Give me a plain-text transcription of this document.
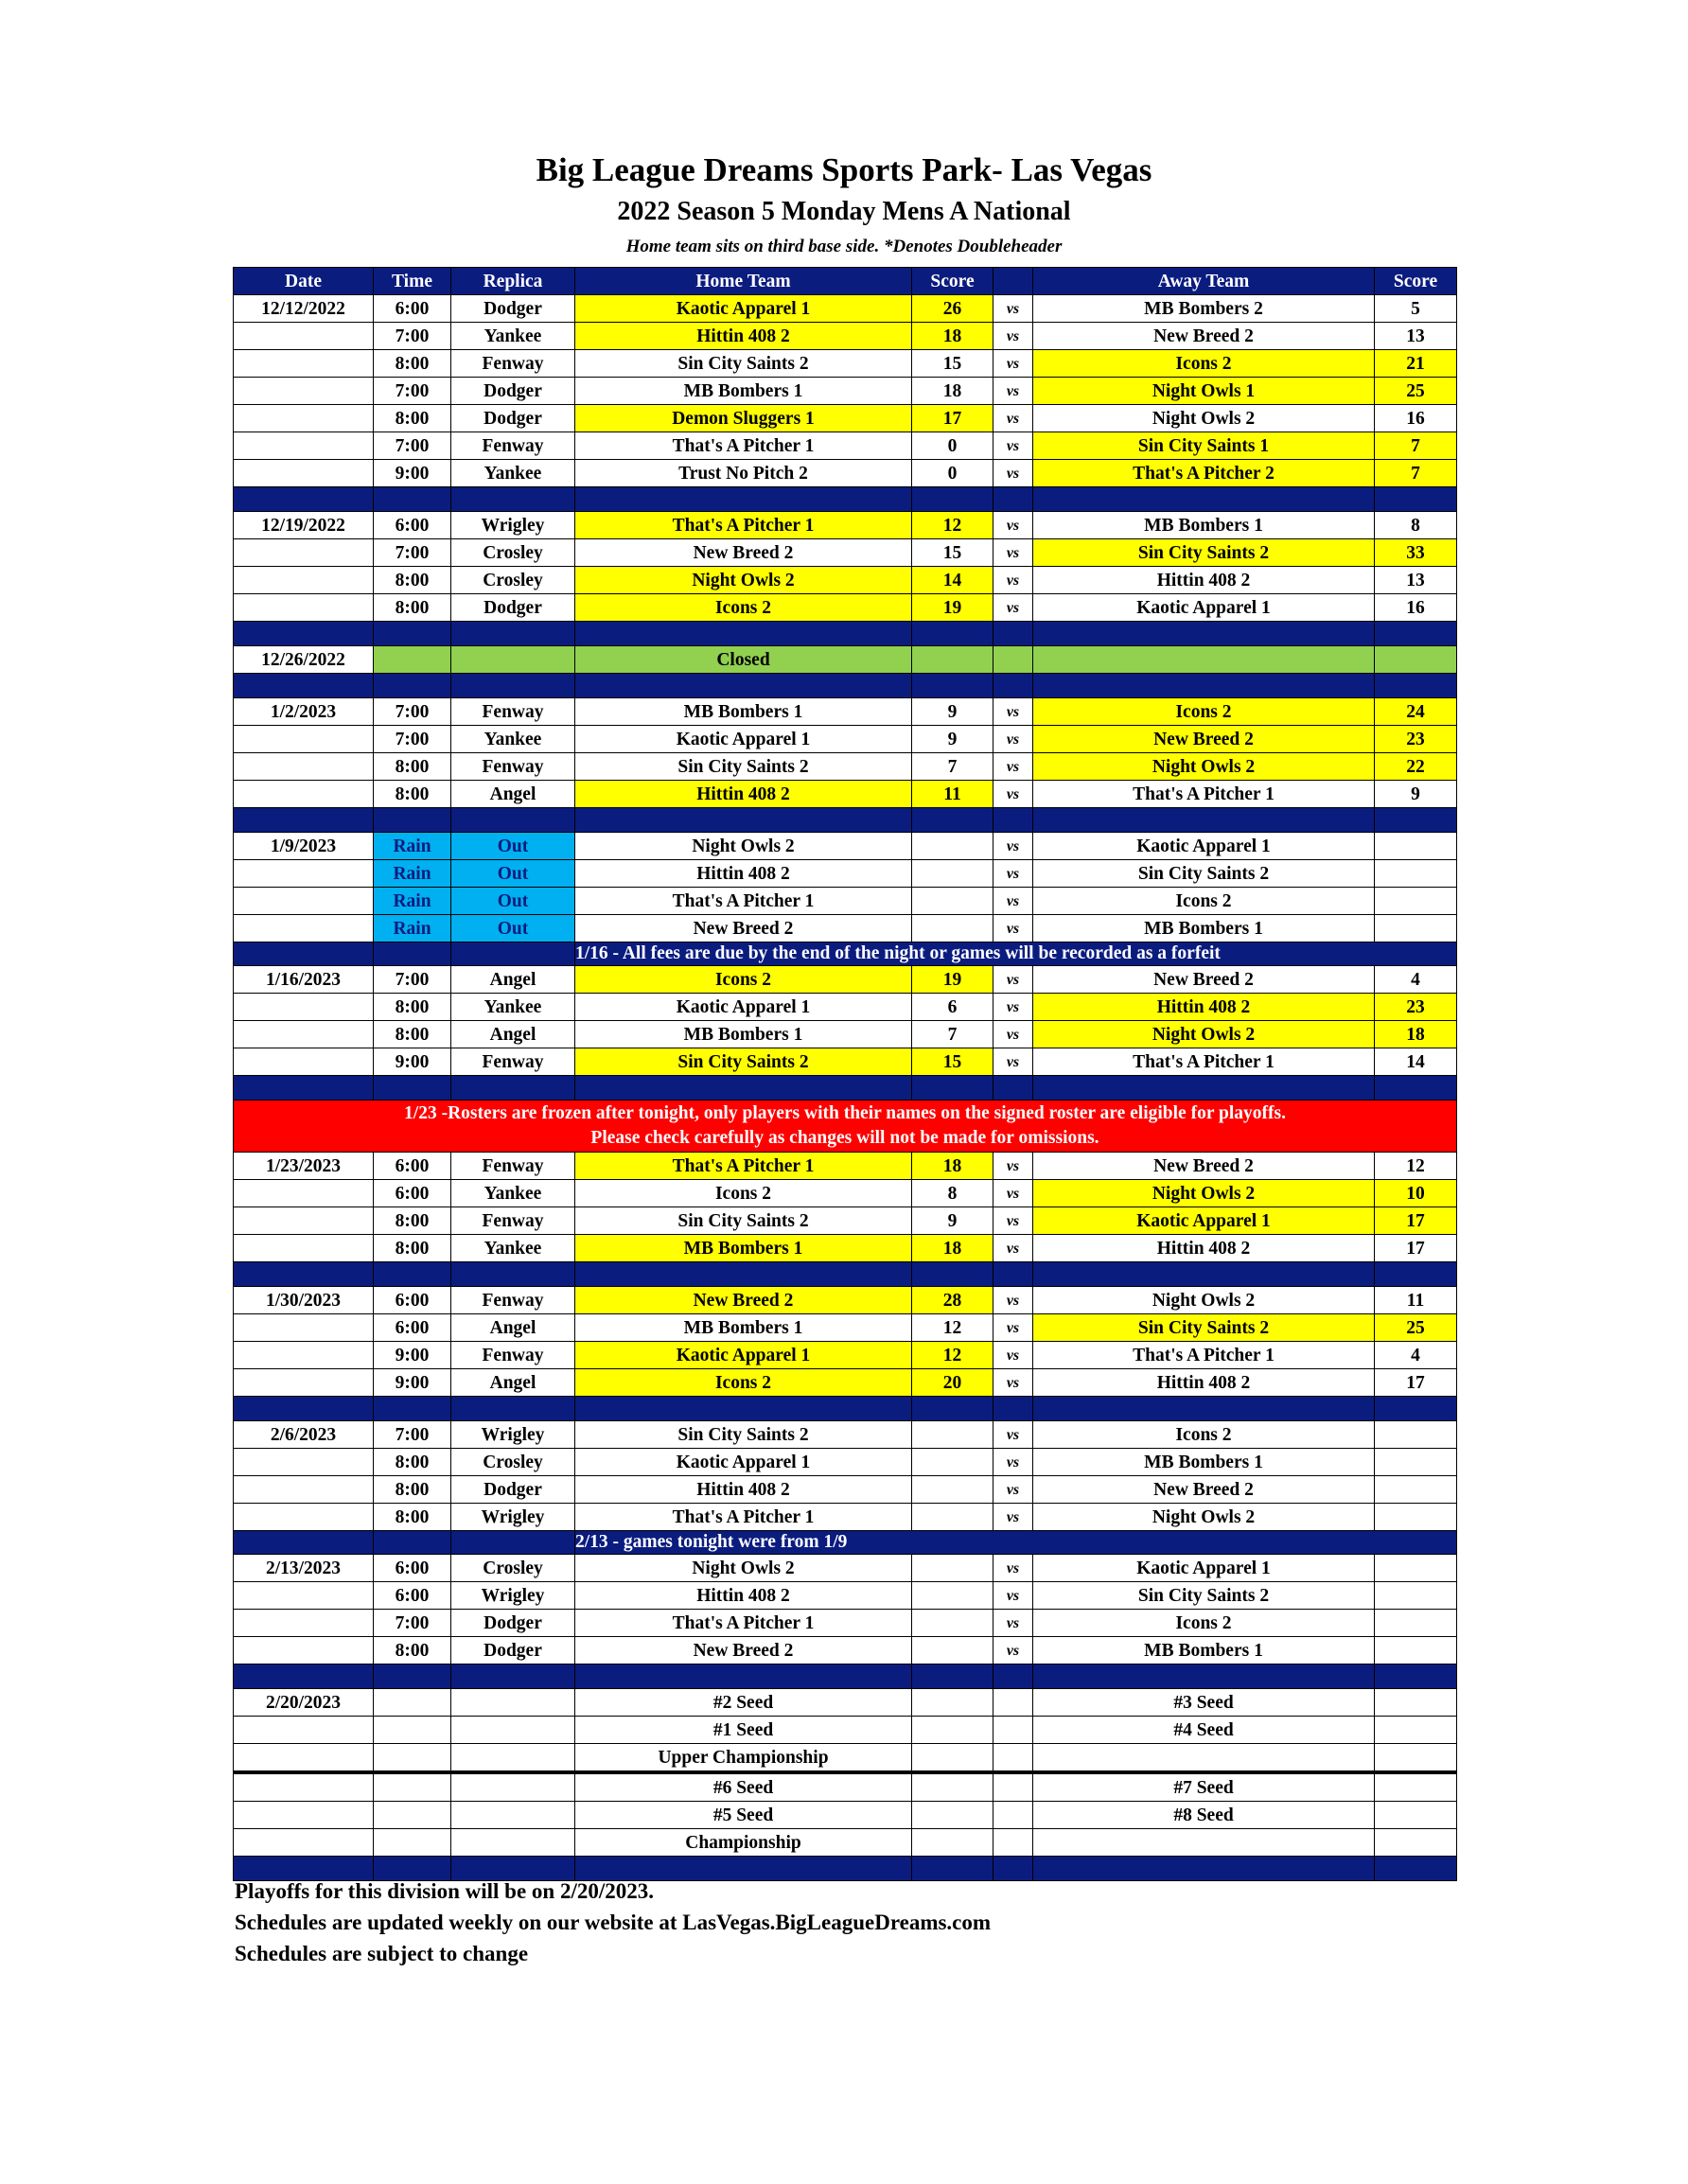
Big League Dreams Sports Park- Las Vegas
2022 Season 5 Monday Mens A National
Home team sits on third base side. *Denotes Doubleheader
Date	Time	Replica	Home Team	Score		Away Team	Score
12/12/2022	6:00	Dodger	Kaotic Apparel 1	26	vs	MB Bombers 2	5
	7:00	Yankee	Hittin 408 2	18	vs	New Breed 2	13
	8:00	Fenway	Sin City Saints 2	15	vs	Icons 2	21
	7:00	Dodger	MB Bombers 1	18	vs	Night Owls 1	25
	8:00	Dodger	Demon Sluggers 1	17	vs	Night Owls 2	16
	7:00	Fenway	That's A Pitcher 1	0	vs	Sin City Saints 1	7
	9:00	Yankee	Trust No Pitch 2	0	vs	That's A Pitcher 2	7

12/19/2022	6:00	Wrigley	That's A Pitcher 1	12	vs	MB Bombers 1	8
	7:00	Crosley	New Breed 2	15	vs	Sin City Saints 2	33
	8:00	Crosley	Night Owls 2	14	vs	Hittin 408 2	13
	8:00	Dodger	Icons 2	19	vs	Kaotic Apparel 1	16

12/26/2022			Closed				

1/2/2023	7:00	Fenway	MB Bombers 1	9	vs	Icons 2	24
	7:00	Yankee	Kaotic Apparel 1	9	vs	New Breed 2	23
	8:00	Fenway	Sin City Saints 2	7	vs	Night Owls 2	22
	8:00	Angel	Hittin 408 2	11	vs	That's A Pitcher 1	9

1/9/2023	Rain	Out	Night Owls 2		vs	Kaotic Apparel 1	
	Rain	Out	Hittin 408 2		vs	Sin City Saints 2	
	Rain	Out	That's A Pitcher 1		vs	Icons 2	
	Rain	Out	New Breed 2		vs	MB Bombers 1	
			1/16 - All fees are due by the end of the night or games will be recorded as a forfeit				
1/16/2023	7:00	Angel	Icons 2	19	vs	New Breed 2	4
	8:00	Yankee	Kaotic Apparel 1	6	vs	Hittin 408 2	23
	8:00	Angel	MB Bombers 1	7	vs	Night Owls 2	18
	9:00	Fenway	Sin City Saints 2	15	vs	That's A Pitcher 1	14

1/23 -Rosters are frozen after tonight, only players with their names on the signed roster are eligible for playoffs.
Please check carefully as changes will not be made for omissions.							

1/23/2023	6:00	Fenway	That's A Pitcher 1	18	vs	New Breed 2	12
	6:00	Yankee	Icons 2	8	vs	Night Owls 2	10
	8:00	Fenway	Sin City Saints 2	9	vs	Kaotic Apparel 1	17
	8:00	Yankee	MB Bombers 1	18	vs	Hittin 408 2	17

1/30/2023	6:00	Fenway	New Breed 2	28	vs	Night Owls 2	11
	6:00	Angel	MB Bombers 1	12	vs	Sin City Saints 2	25
	9:00	Fenway	Kaotic Apparel 1	12	vs	That's A Pitcher 1	4
	9:00	Angel	Icons 2	20	vs	Hittin 408 2	17

2/6/2023	7:00	Wrigley	Sin City Saints 2		vs	Icons 2	
	8:00	Crosley	Kaotic Apparel 1		vs	MB Bombers 1	
	8:00	Dodger	Hittin 408 2		vs	New Breed 2	
	8:00	Wrigley	That's A Pitcher 1		vs	Night Owls 2	
			2/13 - games tonight were from 1/9				
2/13/2023	6:00	Crosley	Night Owls 2		vs	Kaotic Apparel 1	
	6:00	Wrigley	Hittin 408 2		vs	Sin City Saints 2	
	7:00	Dodger	That's A Pitcher 1		vs	Icons 2	
	8:00	Dodger	New Breed 2		vs	MB Bombers 1	

2/20/2023			#2 Seed			#3 Seed	
			#1 Seed			#4 Seed	
			Upper Championship				
			#6 Seed			#7 Seed	
			#5 Seed			#8 Seed	
			Championship				

Playoffs for this division will be on 2/20/2023.
Schedules are updated weekly on our website at LasVegas.BigLeagueDreams.com
Schedules are subject to change
